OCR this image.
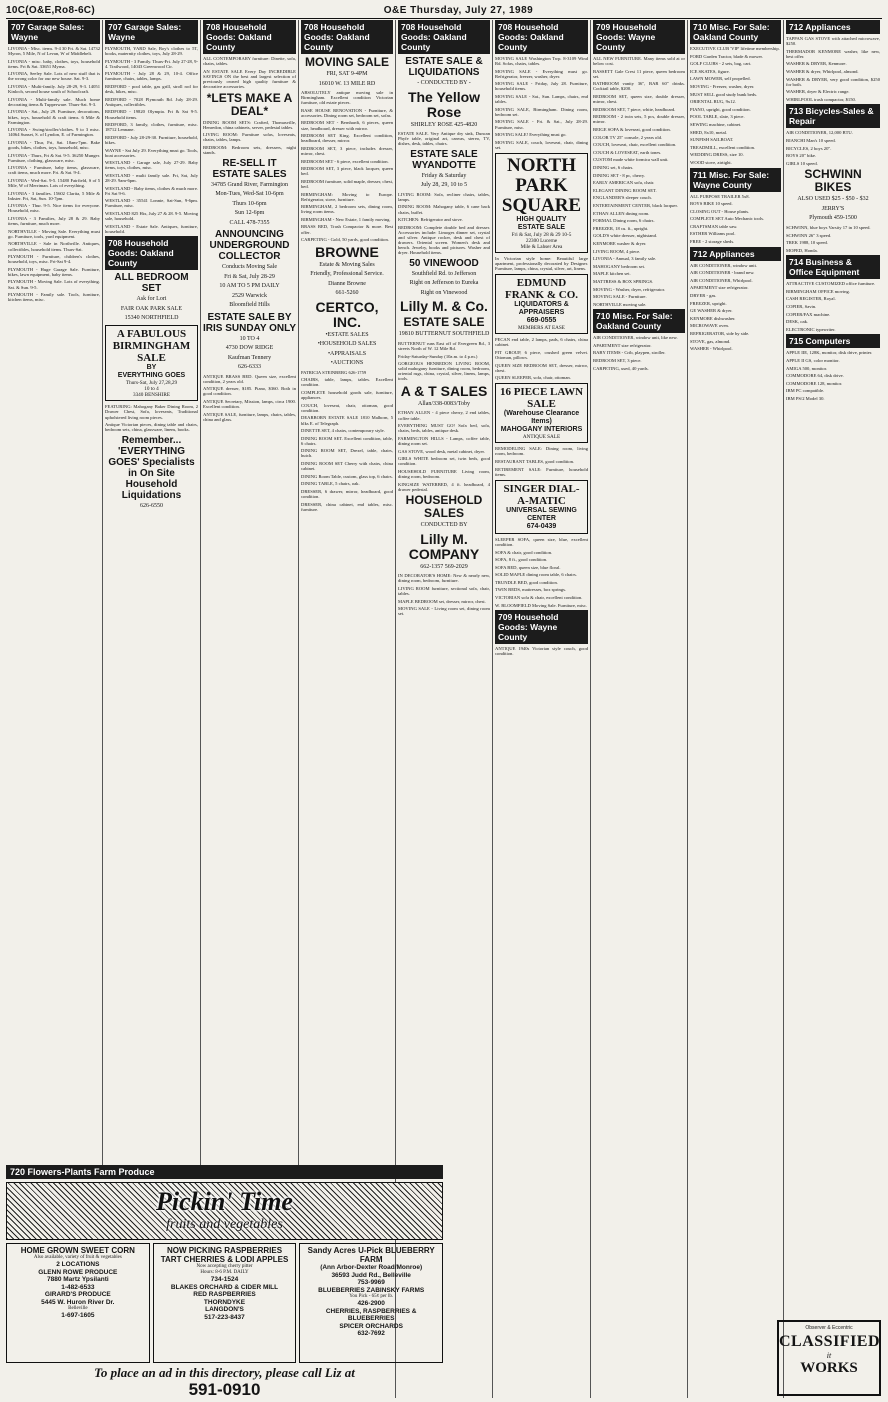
10C(O&E,Ro8-6C)	O&E Thursday, July 27, 1989
707 Garage Sales: Wayne
LIVONIA - Misc. items. 9-4 30 Fri. & Sat. 14732 Myron, 5 Mile, N of Levan, W of Middlebelt.
LIVONIA - misc. baby, clothes, toys, household items. Fri & Sat. 33651 Myrna.
LIVONIA, Seeley Sale. Lots of new stuff that is the wrong color for our new house. Sat. 9-3.
LIVONIA - Multi-family. July 28-29, 9-3. 14051 Kinloch, second house south of Schoolcraft.
LIVONIA - Multi-family sale. Much home decorating items & Tupperware. Thurs-Sat. 9-3.
LIVONIA - Sat., July 29. Furniture, decorations, bikes, toys, household & craft items. 6 Mile & Farmington.
LIVONIA - Swing/stroller/clothes. 9 to 3 misc. 14064 Sunset, S. of Lyndon, E. of Farmington.
LIVONIA - Thur, Fri, Sat. 10am-7pm. Bake goods, bikes, clothes, toys, household, misc.
LIVONIA - Thurs, Fri & Sat. 9-5. 36250 Munger. Furniture, clothing, glassware, misc.
LIVONIA - Furniture, baby items, glassware, craft items, much more. Fri. & Sat. 9-4.
LIVONIA - Wed-Sat. 9-5. 15480 Fairfield, S of 5 Mile, W of Merriman. Lots of everything.
LIVONIA - 3 families. 15602 Clarita, 5 Mile & Inkster. Fri, Sat, Sun. 10-7pm.
LIVONIA - Thur. 9-5. Nice items for everyone. Household, misc.
LIVONIA - 3 Families, July 28 & 29. Baby items, furniture, much more.
NORTHVILLE - Moving Sale. Everything must go. Furniture, tools, yard equipment.
NORTHVILLE - Sale in Northville. Antiques, collectibles, household items. Thurs-Sat.
PLYMOUTH - Furniture, children's clothes, household, toys, misc. Fri-Sat 9-4.
PLYMOUTH - Huge Garage Sale. Furniture, bikes, lawn equipment, baby items.
PLYMOUTH - Moving Sale. Lots of everything. Sat. & Sun. 9-5.
PLYMOUTH - Family sale. Tools, furniture, kitchen items, misc.
707 Garage Sales: Wayne
PLYMOUTH, YARD Sale, Boy's clothes to 5T, books, maternity clothes, toys, July 28-29.
PLYMOUTH - 3 Family. Thurs-Fri. July 27-28, 9-4. Trailwood, 14043 Greenwood Cir.
PLYMOUTH - July 28 & 29, 10-4. Office furniture, chairs, tables, lamps.
REDFORD - pool table, gas grill, stroll rod for desk, bikes, misc.
REDFORD - 7028 Plymouth Rd. July 28-29. Antiques, collectibles.
REDFORD - 19820 Olympia. Fri & Sat 9-5. Household items.
REDFORD, 3 family, clothes, furniture, misc. 18712 Lennane.
REDFORD - July 28-29-30. Furniture, household, bikes.
WAYNE - Sat July 29. Everything must go. Tools, boat accessories.
WESTLAND - Garage sale, July 27-29. Baby items, toys, clothes, misc.
WESTLAND - multi family sale. Fri, Sat, July 28-29. 9am-6pm.
WESTLAND - Baby items, clothes & much more. Fri Sat 9-6.
WESTLAND - 35541 Lonnie, Sat-Sun, 9-6pm. Furniture, misc.
WESTLAND 825 Hix, July 27 & 28. 9-5. Moving sale, household.
WESTLAND - Estate Sale. Antiques, furniture, household.
708 Household Goods: Oakland County
ALL BEDROOM SET
Ask for Lori
FAIR OAK PARK SALE
15340 NORTHFIELD
A FABULOUS BIRMINGHAM SALE
BY
EVERYTHING GOES
Thurs-Sat, July 27,28,29
10 to 4
3340 BENSHIRE
FEATURING: Mahogany Baker Dining Room, 2 Drawer Chest, Sofa, loveseats, Traditional upholstered living room pieces.
Antique Victorian pieces, dining table and chairs, bedroom sets, china, glassware, linens, books.
Remember... 'EVERYTHING GOES' Specialists in On Site Household Liquidations
626-6550
708 Household Goods: Oakland County
ALL CONTEMPORARY furniture: Dinette, sofa, chairs, tables.
AN ESTATE SALE Every Day INCREDIBLE SAVINGS ON the best and largest selection of previously owned high quality furniture & decorative accessories.
*LETS MAKE A DEAL*
DINING ROOM SETS: Crafted, Thomasville, Henredon, china cabinets, server, pedestal tables.
LIVING ROOM: Furniture sofas, loveseats, chairs, tables, lamps.
BEDROOM: Bedroom sets, dressers, night stands.
RE-SELL IT ESTATE SALES
34785 Grand River, Farmington
Mon-Tues, Wed-Sat 10-6pm
Thurs 10-6pm
Sun 12-6pm
CALL 478-7355
ANNOUNCING UNDERGROUND COLLECTOR
Conducts Moving Sale
Fri & Sat, July 28-29
10 AM TO 5 PM DAILY
2529 Warwick
Bloomfield Hills
ESTATE SALE BY IRIS SUNDAY ONLY
10 TO 4
4730 DOW RIDGE
Kaufman Tennery
626-6333
ANTIQUE BRASS BED. Queen size, excellent condition, 2 years old.
ANTIQUE dresser, $185. Piano, $360. Both in good condition.
ANTIQUE Secretary, Mission, lamps, circa 1900. Excellent condition.
ANTIQUE SALE, furniture, lamps, chairs, tables, china and glass.
708 Household Goods: Oakland County
MOVING SALE
FRI, SAT 9-4PM
16010 W. 13 MILE RD
ABSOLUTELY antique moving sale in Birmingham. Excellent condition Victorian furniture, old estate pieces.
BASE HOUSE RENOVATION - Furniture, & accessories. Dining room set, bedroom set, sofas.
BEDROOM SET - Bernhardt, 6 pieces, queen size, headboard, dresser with mirror.
BEDROOM SET King. Excellent condition, headboard, dresser, mirror.
BEDROOM SET, 3 piece, includes dresser, mirror, chest.
BEDROOM SET - 6 piece, excellent condition.
BEDROOM SET, 3 piece, black lacquer, queen bed.
BEDROOM furniture, solid maple, dresser, chest, bed.
BIRMINGHAM: Moving to Europe. Refrigerator, stove, furniture.
BIRMINGHAM, 2 bedroom sets, dining room, living room items.
BIRMINGHAM - New Estate, 1 family moving.
BRASS BED, Trash Compactor & more. Best offer.
CARPETING - Gold, 50 yards, good condition.
BROWNE
Estate & Moving Sales
Friendly, Professional Service.
Dianne Browne
661-5260
CERTCO, INC.
•ESTATE SALES
•HOUSEHOLD SALES
•APPRAISALS
•AUCTIONS
PATRICIA STEINBERG 626-1759
CHAIRS, table, lamps, tables. Excellent condition.
COMPLETE household goods sale, furniture, appliances.
COUCH, loveseat, chair, ottoman, good condition.
DEARBORN ESTATE SALE 1810 Malborn, 5 blks E. of Telegraph.
DINETTE SET, 4 chairs, contemporary style.
DINING ROOM SET. Excellent condition, table, 6 chairs.
DINING ROOM SET, Drexel, table, chairs, hutch.
DINING ROOM SET Cherry with chairs, china cabinet.
DINING Room Table, custom, glass top, 6 chairs.
DINING TABLE, 5 chairs, oak.
DRESSER, 6 drawer, mirror, headboard, good condition.
DRESSER, china cabinet, end tables, misc. furniture.
708 Household Goods: Oakland County
ESTATE SALE & LIQUIDATIONS
- CONDUCTED BY -
The Yellow Rose
SHIRLEY ROSE 425-4820
ESTATE SALE. Very Antique dry sink, Duncan Phyfe table, original art, canvas, stereo, TV, dishes, desk, tables, chairs.
ESTATE SALE WYANDOTTE
Friday & Saturday
July 28, 29, 10 to 5
LIVING ROOM: Sofa, recliner chairs, tables, lamps.
DINING ROOM: Mahogany table, 6 cane back chairs, buffet.
KITCHEN: Refrigerator and stove.
BEDROOM: Complete double bed and dresser. Accessories include: Limoges dinner set, crystal and silver. Antique rocker, desk and chest of drawers. Oriental screen. Women's desk and bench. Jewelry, books and pictures. Washer and dryer. Household items.
50 VINEWOOD
Southfield Rd. to Jefferson
Right on Jefferson to Eureka
Right on Vinewood
Lilly M. & Co.
ESTATE SALE
19810 BUTTERNUT SOUTHFIELD
BUTTERNUT runs East off of Evergreen Rd., 3 streets North of W. 12 Mile Rd.
Friday-Saturday-Sunday (10a.m. to 4 p.m.)
GORGEOUS HENREDON LIVING ROOM, solid mahogany furniture, dining room, bedroom, oriental rugs, china, crystal, silver, linens, lamps, tools.
A & T SALES
Allan/338-0083/Toby
ETHAN ALLEN - 4 piece cherry, 2 end tables, coffee table.
EVERYTHING MUST GO! Sofa bed, sofa, chairs, beds, tables, antique desk.
FARMINGTON HILLS - Lamps, coffee table, dining room set.
GAS STOVE, wood desk, metal cabinet, dryer.
GIRLS WHITE bedroom set, twin beds, good condition.
HOUSEHOLD FURNITURE Living room, dining room, bedroom.
KINGSIZE WATERBED, 4 ft. headboard, 4 drawer pedestal.
HOUSEHOLD SALES
CONDUCTED BY
Lilly M. COMPANY
662-1357 569-2029
IN DECORATOR'S HOME: New & nearly new, dining room, bedroom, furniture.
LIVING ROOM furniture, sectional sofa, chair, tables.
MAPLE BEDROOM set, dresser, mirror, chest.
MOVING SALE - Living room set, dining room set.
708 Household Goods: Oakland County
MOVING SALE Washington Twp. 8-3109 Wind Rd. Sofas, chairs, tables.
MOVING SALE - Everything must go. Refrigerator, freezer, washer, dryer.
MOVING SALE - Friday, July 28. Furniture, household items.
MOVING SALE - Sat., Sun. Lamps, chairs, end tables.
MOVING SALE, Birmingham. Dining room, bedroom set.
MOVING SALE - Fri. & Sat., July 28-29. Furniture, misc.
MOVING SALE! Everything must go.
MOVING SALE, couch, loveseat, chair, dining set.
NORTH PARK SQUARE
HIGH QUALITY
ESTATE SALE
Fri & Sat, July 28 & 29 10-5
22300 Lucerne
Mile & Lahser Area
In Victorian style home: Beautiful large apartment, professionally decorated by Designer. Furniture, lamps, china, crystal, silver, art, linens.
EDMUND FRANK & CO.
LIQUIDATORS & APPRAISERS
669-0555
MEMBERS AT EASE
PECAN end table, 2 lamps, pads, 6 chairs, china cabinet.
PIT GROUP, 6 piece, crushed green velvet. Ottoman, pillows.
QUEEN SIZE BEDROOM SET, dresser, mirror, chest.
QUEEN SLEEPER, sofa, chair, ottoman.
16 PIECE LAWN SALE
(Warehouse Clearance Items)
MAHOGANY INTERIORS
ANTIQUE SALE
REMODELING SALE: Dining room, living room, bedroom.
RESTAURANT TABLES, good condition.
RETIREMENT SALE: Furniture, household items.
SINGER DIAL-A-MATIC
UNIVERSAL SEWING CENTER
674-0439
SLEEPER SOFA, queen size, blue, excellent condition.
SOFA & chair, good condition.
SOFA, 8 ft., good condition.
SOFA BED, queen size, blue floral.
SOLID MAPLE dining room table, 6 chairs.
TRUNDLE BED, good condition.
TWIN BEDS, mattresses, box springs.
VICTORIAN sofa & chair, excellent condition.
W. BLOOMFIELD Moving Sale. Furniture, misc.
709 Household Goods: Wayne County
ANTIQUE 1940s Victorian style couch, good condition.
709 Household Goods: Wayne County
ALL NEW FURNITURE. Many items sold at or below cost.
BASSETT Gale Crest 11 piece, queen bedroom set.
BATHROOM vanity 36", BAR 60" drinks. Cocktail table, $200.
BEDROOM SET, queen size, double dresser, mirror, chest.
BEDROOM SET, 7 piece, white, headboard.
BEDROOM - 2 twin sets, 5 pcs, double dresser, mirror.
BEIGE SOFA & loveseat, good condition.
COLOR TV 25" console, 2 years old.
COUCH, loveseat, chair, excellent condition.
COUCH & LOVESEAT, earth tones.
CUSTOM made white formica wall unit.
DINING set, 6 chairs.
DINING SET - 8 pc, cherry.
EARLY AMERICAN sofa, chair.
ELEGANT DINING ROOM SET.
ENGLANDER'S sleeper couch.
ENTERTAINMENT CENTER, black lacquer.
ETHAN ALLEN dining room.
FORMAL Dining room, 6 chairs.
FREEZER, 18 cu. ft., upright.
GOLD'S white dresser, nightstand.
KENMORE washer & dryer.
LIVING ROOM, 4 piece.
LIVONIA - Annual, 3 family sale.
MAHOGANY bedroom set.
MAPLE kitchen set.
MATTRESS & BOX SPRINGS.
MOVING - Washer, dryer, refrigerator.
MOVING SALE - Furniture.
NORTHVILLE moving sale.
710 Misc. For Sale: Oakland County
AIR CONDITIONER, window unit, like new.
APARTMENT size refrigerator.
BABY ITEMS - Crib, playpen, stroller.
BEDROOM SET, 3 piece.
CARPETING, used, 40 yards.
710 Misc. For Sale: Oakland County
EXECUTIVE CLUB 'VIP' lifetime membership.
FORD Garden Tractor, blade & mower.
GOLF CLUBS - 2 sets, bag, cart.
ICE SKATES, figure.
LAWN MOWER, self propelled.
MOVING - Freezer, washer, dryer.
MUST SELL good study bunk beds.
ORIENTAL RUG, 9x12.
PIANO, upright, good condition.
POOL TABLE, slate, 3 piece.
SEWING machine, cabinet.
SHED, 8x10, metal.
SUNFISH SAILBOAT.
TREADMILL, excellent condition.
WEDDING DRESS, size 10.
WOOD stove, airtight.
711 Misc. For Sale: Wayne County
ALL PURPOSE TRAILER 5x8.
BOYS BIKE 10 speed.
CLOSING OUT - House plants.
COMPLETE SET Auto Mechanic tools.
CRAFTSMAN table saw.
ESTHER Williams pool.
FREE - 2 storage sheds.
712 Appliances
AIR CONDITIONER, window unit.
AIR CONDITIONER - brand new.
AIR CONDITIONER, Whirlpool.
APARTMENT size refrigerator.
DRYER - gas.
FREEZER, upright.
GE WASHER & dryer.
KENMORE dishwasher.
MICROWAVE oven.
REFRIGERATOR, side by side.
STOVE, gas, almond.
WASHER - Whirlpool.
712 Appliances
TAPPAN GAS STOVE with attached microwave, $250.
THERMADOR KENMORE washer, like new, best offer.
WASHER & DRYER, Kenmore.
WASHER & dryer, Whirlpool, almond.
WASHER & DRYER, very good condition, $250 for both.
WASHER, dryer & Electric range.
WHIRLPOOL trash compactor, $150.
713 Bicycles-Sales & Repair
AIR CONDITIONER, 12,000 BTU.
BIANCHI Man's 10 speed.
BICYCLES, 2 boys 20".
BOYS 20" bike.
GIRLS 10 speed.
SCHWINN BIKES
ALSO USED $25 - $50 - $32
JERRY'S
Plymouth 459-1500
SCHWINN, blue boys Varsity 17 in 10 speed.
SCHWINN 26" 3 speed.
TREK 1988, 10 speed.
MOPED, Honda.
714 Business & Office Equipment
ATTRACTIVE CUSTOMIZED office furniture.
BIRMINGHAM OFFICE moving.
CASH REGISTER, Royal.
COPIER, Savin.
COPIER/FAX machine.
DESK, oak.
ELECTRONIC typewriter.
715 Computers
APPLE IIE, 128K, monitor, disk drive, printer.
APPLE II GS, color monitor.
AMIGA 500, monitor.
COMMODORE 64, disk drive.
COMMODORE 128, monitor.
IBM PC compatible.
IBM PS/2 Model 30.
720 Flowers-Plants Farm Produce
Pickin' Time
fruits and vegetables
HOME GROWN SWEET CORN
Also available, variety of fruit & vegetables
2 LOCATIONS
GLENN ROWE PRODUCE
7880 Martz Ypsilanti
1-482-6533
GIRARD'S PRODUCE
5445 W. Huron River Dr.
Belleville
1-697-1605
NOW PICKING RASPBERRIES TART CHERRIES & LODI APPLES
Now accepting cherry pitter
Hours: 8-6 P.M. DAILY
734-1524
BLAKES ORCHARD & CIDER MILL
RED RASPBERRIES
THORNDYKE
LANGDON'S
517-223-8437
Sandy Acres U-Pick BLUEBERRY FARM
(Ann Arbor-Dexter Road/Monroe)
36593 Judd Rd., Belleville
753-9969
BLUEBERRIES ZABINSKY FARMS
You Pick - 65¢ per lb.
426-2900
CHERRIES, RASPBERRIES & BLUEBERRIES
SPICER ORCHARDS
632-7692
To place an ad in this directory, please call Liz at
591-0910
Observer & Eccentric
CLASSIFIED
it
WORKS
